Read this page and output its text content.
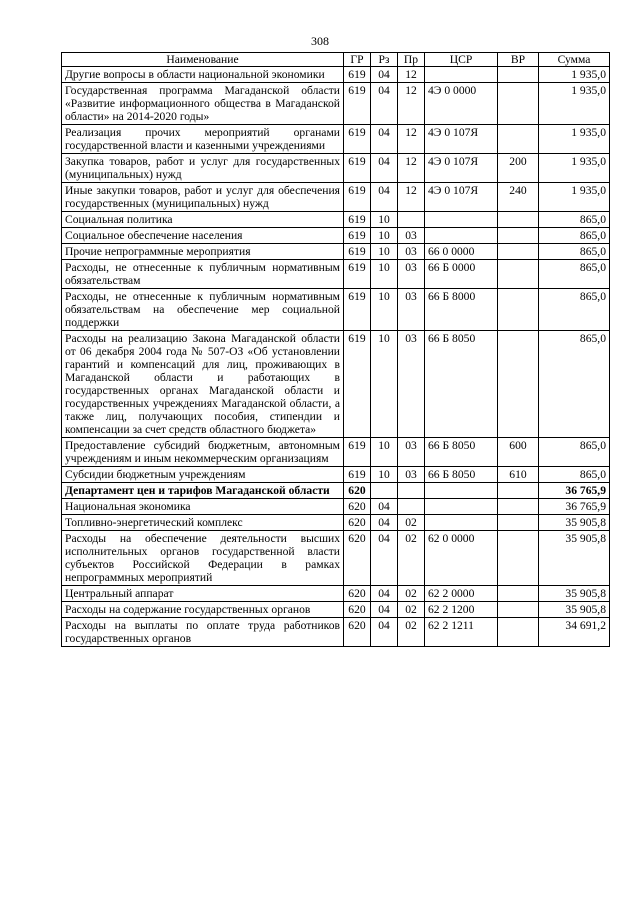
308
Наименование	ГР	Рз	Пр	ЦСР	ВР	Сумма
Другие вопросы в области национальной экономики	619	04	12			1 935,0
Государственная программа Магаданской области «Развитие информационного общества в Магаданской области» на 2014-2020 годы»	619	04	12	4Э 0 0000		1 935,0
Реализация прочих мероприятий органами государственной власти и казенными учреждениями	619	04	12	4Э 0 107Я		1 935,0
Закупка товаров, работ и услуг для государственных (муниципальных) нужд	619	04	12	4Э 0 107Я	200	1 935,0
Иные закупки товаров, работ и услуг для обеспечения государственных (муниципальных) нужд	619	04	12	4Э 0 107Я	240	1 935,0
Социальная политика	619	10				865,0
Социальное обеспечение населения	619	10	03			865,0
Прочие непрограммные мероприятия	619	10	03	66 0 0000		865,0
Расходы, не отнесенные к публичным нормативным обязательствам	619	10	03	66 Б 0000		865,0
Расходы, не отнесенные к публичным нормативным обязательствам на обеспечение мер социальной поддержки	619	10	03	66 Б 8000		865,0
Расходы на реализацию Закона Магаданской области от 06 декабря 2004 года № 507-ОЗ «Об установлении гарантий и компенсаций для лиц, проживающих в Магаданской области и работающих в государственных органах Магаданской области и государственных учреждениях Магаданской области, а также лиц, получающих пособия, стипендии и компенсации за счет средств областного бюджета»	619	10	03	66 Б 8050		865,0
Предоставление субсидий бюджетным, автономным учреждениям и иным некоммерческим организациям	619	10	03	66 Б 8050	600	865,0
Субсидии бюджетным учреждениям	619	10	03	66 Б 8050	610	865,0
Департамент цен и тарифов Магаданской области	620					36 765,9
Национальная экономика	620	04				36 765,9
Топливно-энергетический комплекс	620	04	02			35 905,8
Расходы на обеспечение деятельности высших исполнительных органов государственной власти субъектов Российской Федерации в рамках непрограммных мероприятий	620	04	02	62 0 0000		35 905,8
Центральный аппарат	620	04	02	62 2 0000		35 905,8
Расходы на содержание государственных органов	620	04	02	62 2 1200		35 905,8
Расходы на выплаты по оплате труда работников государственных органов	620	04	02	62 2 1211		34 691,2
